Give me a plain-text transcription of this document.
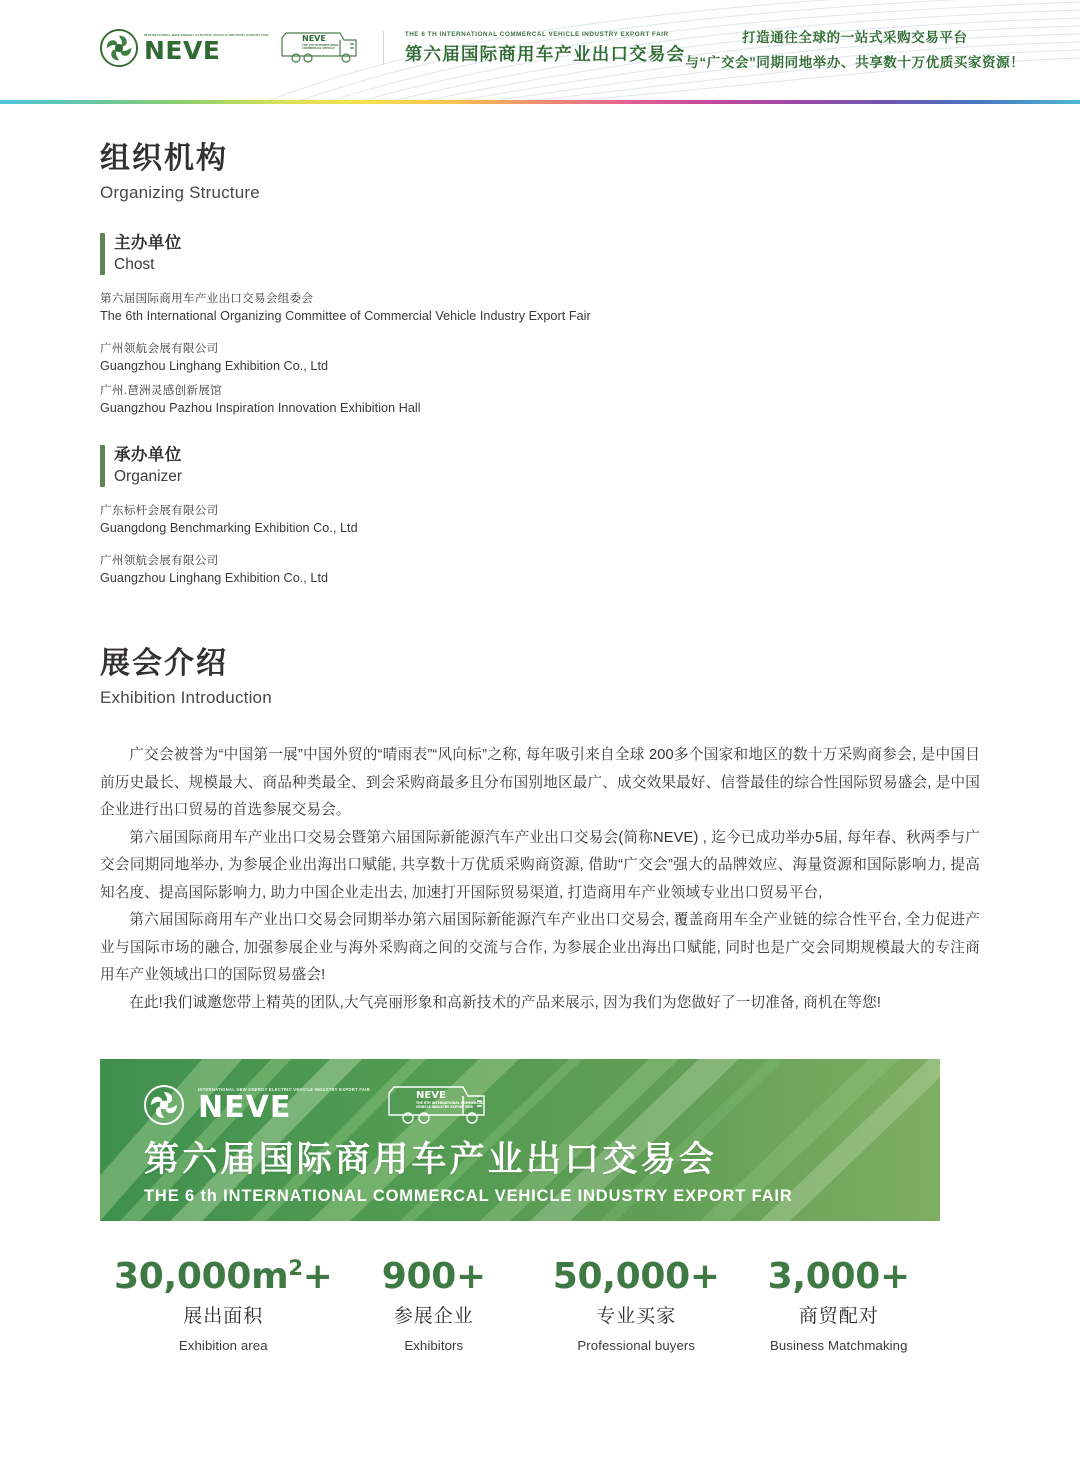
INTERNATIONAL NEW ENERGY ELECTRIC VEHICLE INDUSTRY EXPORT FAIR
NEVE	NEVE
THE 6TH INTERNATIONAL
COMMERCIAL VEHICLE
THE 6 TH INTERNATIONAL COMMERCAL VEHICLE INDUSTRY EXPORT FAIR
第六届国际商用车产业出口交易会
打造通往全球的一站式采购交易平台
与“广交会”同期同地举办、共享数十万优质买家资源！
组织机构
Organizing Structure
主办单位
Chost
第六届国际商用车产业出口交易会组委会
The 6th International Organizing Committee of Commercial Vehicle Industry Export Fair
广州领航会展有限公司
Guangzhou Linghang Exhibition Co., Ltd
广州.琶洲灵感创新展馆
Guangzhou Pazhou Inspiration Innovation Exhibition Hall
承办单位
Organizer
广东标杆会展有限公司
Guangdong Benchmarking Exhibition Co., Ltd
广州领航会展有限公司
Guangzhou Linghang Exhibition Co., Ltd
展会介绍
Exhibition Introduction

广交会被誉为“中国第一展”中国外贸的“晴雨表”“风向标”之称, 每年吸引来自全球 200多个国家和地区的数十万采购商参会, 是中国目前历史最长、规模最大、商品种类最全、到会采购商最多且分布国别地区最广、成交效果最好、信誉最佳的综合性国际贸易盛会, 是中国企业进行出口贸易的首选参展交易会。

第六届国际商用车产业出口交易会暨第六届国际新能源汽车产业出口交易会(简称NEVE) , 迄今已成功举办5届, 每年春、秋两季与广交会同期同地举办, 为参展企业出海出口赋能, 共享数十万优质采购商资源, 借助“广交会”强大的品牌效应、海量资源和国际影响力, 提高知名度、提高国际影响力, 助力中国企业走出去, 加速打开国际贸易渠道, 打造商用车产业领域专业出口贸易平台,

第六届国际商用车产业出口交易会同期举办第六届国际新能源汽车产业出口交易会, 覆盖商用车全产业链的综合性平台, 全力促进产业与国际市场的融合, 加强参展企业与海外采购商之间的交流与合作, 为参展企业出海出口赋能, 同时也是广交会同期规模最大的专注商用车产业领域出口的国际贸易盛会!

在此!我们诚邀您带上精英的团队,大气亮丽形象和高新技术的产品来展示, 因为我们为您做好了一切准备, 商机在等您!

INTERNATIONAL NEW ENERGY ELECTRIC VEHICLE INDUSTRY EXPORT FAIR
NEVE	NEVE
THE 6TH INTERNATIONAL COMMERCIAL
VEHICLE INDUSTRY EXPORT FAIR
第六届国际商用车产业出口交易会
THE 6 th INTERNATIONAL COMMERCAL VEHICLE INDUSTRY EXPORT FAIR
$30,000m^2+$
展出面积
Exhibition area
900+
参展企业
Exhibitors
50,000+
专业买家
Professional buyers
3,000+
商贸配对
Business Matchmaking
